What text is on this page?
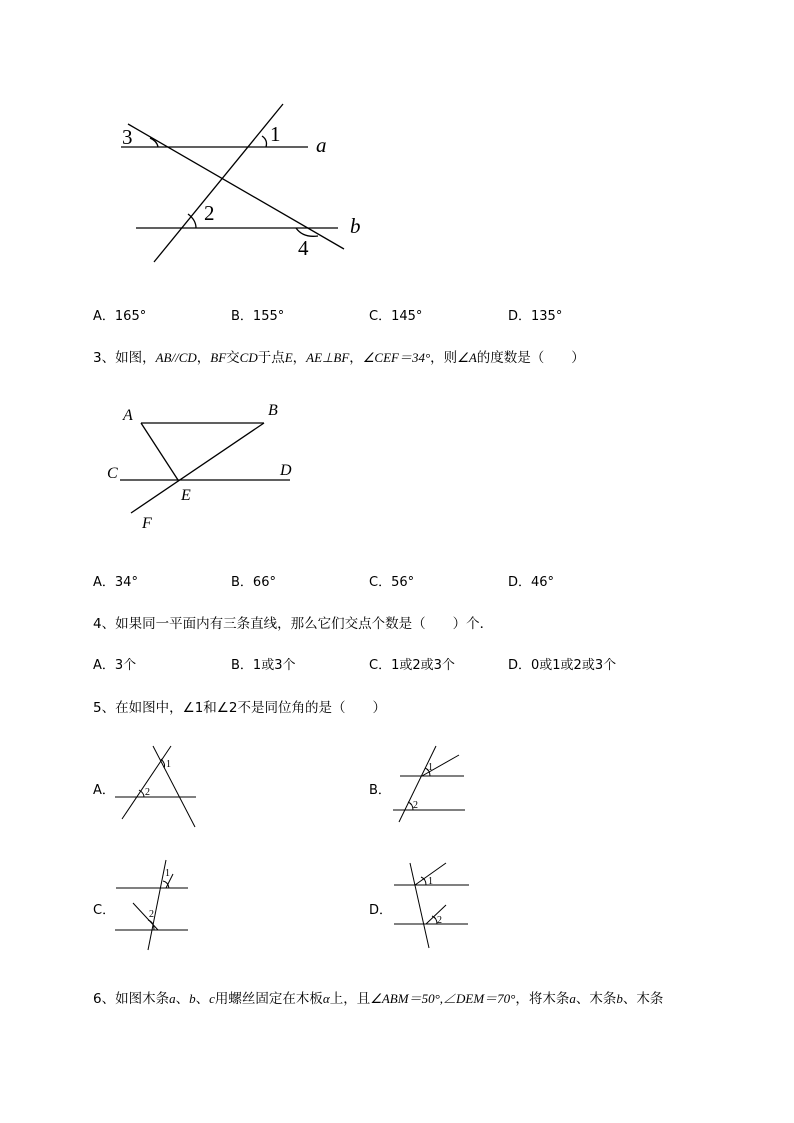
3	1 a
2
b
4
A．165°	B．155°	C．145°	D．135°
3、如图，AB//CD，BF交CD于点E，AE⊥BF，∠CEF＝34°，则∠A的度数是（　　）
A	B
C	D
E
F
A．34°	B．66°	C．56°	D．46°
4、如果同一平面内有三条直线，那么它们交点个数是（　　）个．
A．3个	B．1或3个	C．1或2或3个	D．0或1或2或3个
5、在如图中，∠1和∠2不是同位角的是（　　）
A．	B．
C．	D．
1
2
1
2
1
2
1
2
6、如图木条a、b、c用螺丝固定在木板α上，且∠ABM＝50°,∠DEM＝70°，将木条a、木条b、木条
